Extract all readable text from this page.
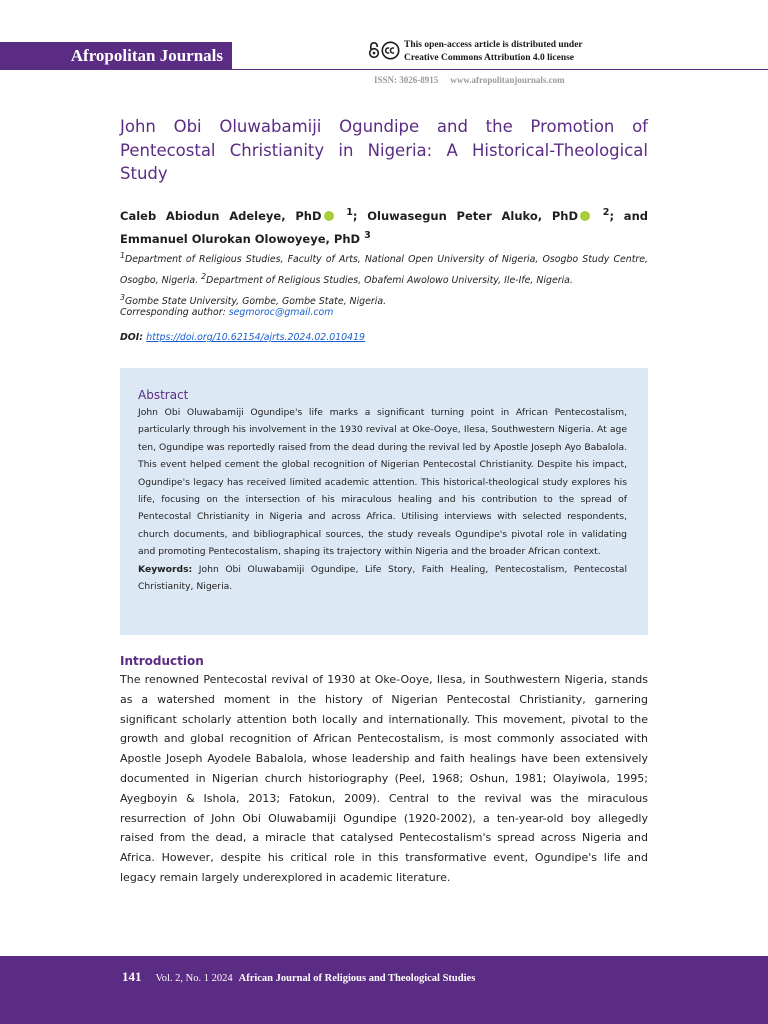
Afropolitan Journals
This open-access article is distributed under
Creative Commons Attribution 4.0 license
ISSN: 3026-8915 www.afropolitanjournals.com
John Obi Oluwabamiji Ogundipe and the Promotion of Pentecostal Christianity in Nigeria: A Historical-Theological Study
Caleb Abiodun Adeleye, PhD	$^1$; Oluwasegun Peter Aluko, PhD	$^2$; and Emmanuel Olurokan Olowoyeye, PhD $^3$
$^1$Department of Religious Studies, Faculty of Arts, National Open University of Nigeria, Osogbo Study Centre, Osogbo, Nigeria. $^2$Department of Religious Studies, Obafemi Awolowo University, Ile-Ife, Nigeria.
$^3$Gombe State University, Gombe, Gombe State, Nigeria.
Corresponding author: segmoroc@gmail.com
DOI: https://doi.org/10.62154/ajrts.2024.02.010419
Abstract

John Obi Oluwabamiji Ogundipe's life marks a significant turning point in African Pentecostalism, particularly through his involvement in the 1930 revival at Oke-Ooye, Ilesa, Southwestern Nigeria. At age ten, Ogundipe was reportedly raised from the dead during the revival led by Apostle Joseph Ayo Babalola. This event helped cement the global recognition of Nigerian Pentecostal Christianity. Despite his impact, Ogundipe's legacy has received limited academic attention. This historical-theological study explores his life, focusing on the intersection of his miraculous healing and his contribution to the spread of Pentecostal Christianity in Nigeria and across Africa. Utilising interviews with selected respondents, church documents, and bibliographical sources, the study reveals Ogundipe's pivotal role in validating and promoting Pentecostalism, shaping its trajectory within Nigeria and the broader African context.

Keywords: John Obi Oluwabamiji Ogundipe, Life Story, Faith Healing, Pentecostalism, Pentecostal Christianity, Nigeria.

Introduction

The renowned Pentecostal revival of 1930 at Oke-Ooye, Ilesa, in Southwestern Nigeria, stands as a watershed moment in the history of Nigerian Pentecostal Christianity, garnering significant scholarly attention both locally and internationally. This movement, pivotal to the growth and global recognition of African Pentecostalism, is most commonly associated with Apostle Joseph Ayodele Babalola, whose leadership and faith healings have been extensively documented in Nigerian church historiography (Peel, 1968; Oshun, 1981; Olayiwola, 1995; Ayegboyin & Ishola, 2013; Fatokun, 2009). Central to the revival was the miraculous resurrection of John Obi Oluwabamiji Ogundipe (1920-2002), a ten-year-old boy allegedly raised from the dead, a miracle that catalysed Pentecostalism's spread across Nigeria and Africa. However, despite his critical role in this transformative event, Ogundipe's life and legacy remain largely underexplored in academic literature.

141 Vol. 2, No. 1 2024 African Journal of Religious and Theological Studies
